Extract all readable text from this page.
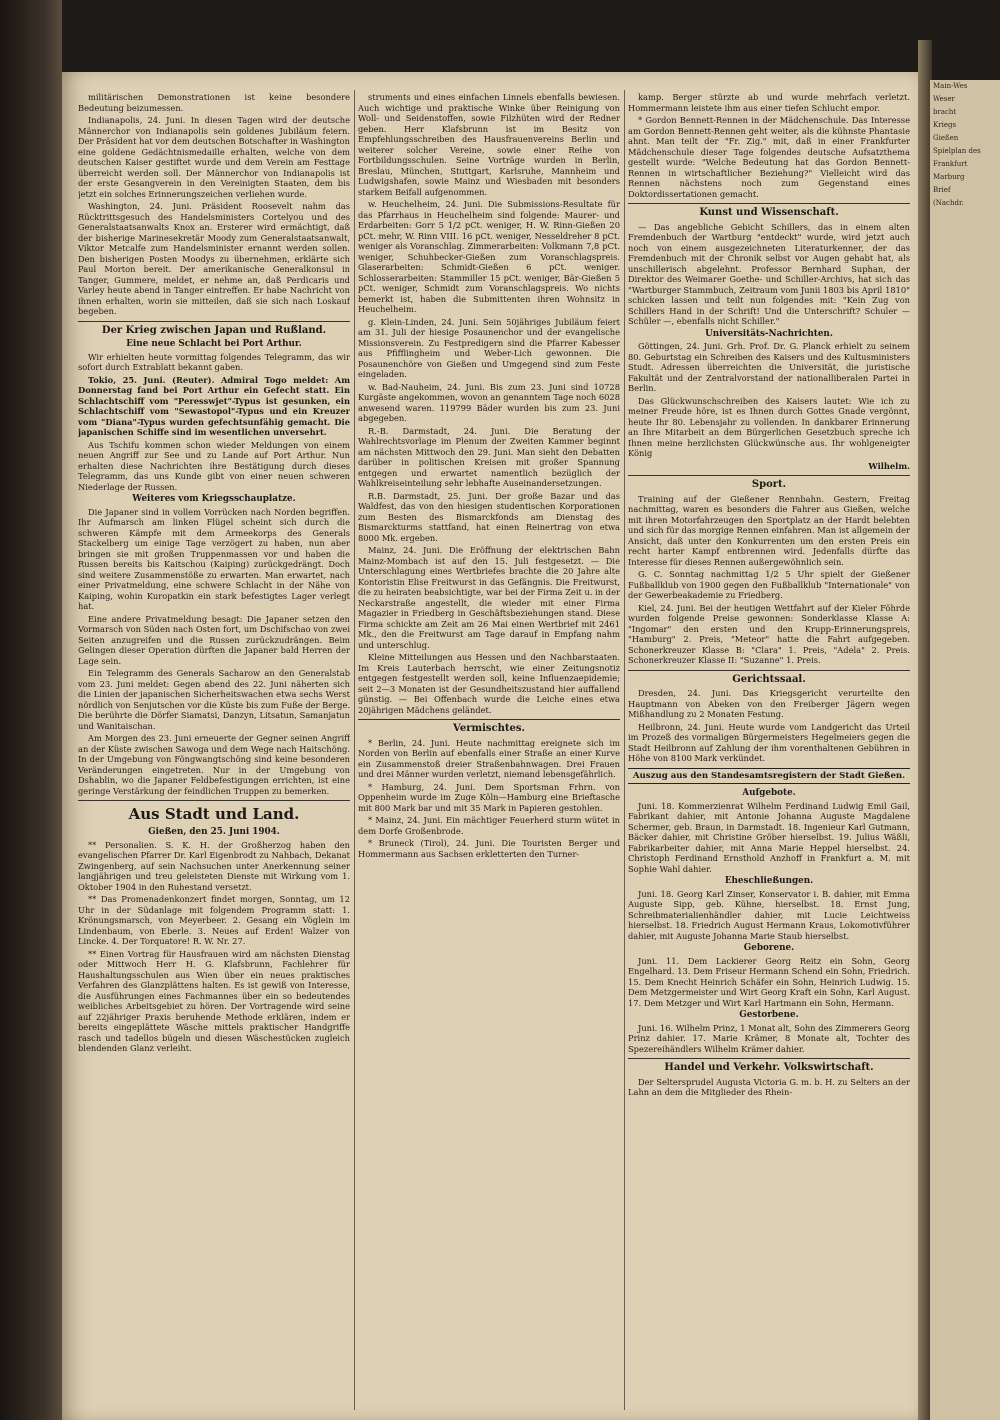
Main-Wes
Weser
bracht
Kriegs
Gießen
Spielplan des
Frankfurt
Marburg
Brief
(Nachdr.

militärischen Demonstrationen ist keine besondere Bedeutung beizumessen.

Indianapolis, 24. Juni. In diesen Tagen wird der deutsche Männerchor von Indianapolis sein goldenes Jubiläum feiern. Der Präsident hat vor dem deutschen Botschafter in Washington eine goldene Gedächtnismedaille erhalten, welche von dem deutschen Kaiser gestiftet wurde und dem Verein am Festtage überreicht werden soll. Der Männerchor von Indianapolis ist der erste Gesangverein in den Vereinigten Staaten, dem bis jetzt ein solches Erinnerungszeichen verliehen wurde.

Washington, 24. Juni. Präsident Roosevelt nahm das Rücktrittsgesuch des Handelsministers Cortelyou und des Generalstaatsanwalts Knox an. Ersterer wird ermächtigt, daß der bisherige Marinesekretär Moody zum Generalstaatsanwalt, Viktor Metcalfe zum Handelsminister ernannt werden sollen. Den bisherigen Posten Moodys zu übernehmen, erklärte sich Paul Morton bereit. Der amerikanische Generalkonsul in Tanger, Gummere, meldet, er nehme an, daß Perdicaris und Varley heute abend in Tanger eintreffen. Er habe Nachricht von ihnen erhalten, worin sie mitteilen, daß sie sich nach Loskauf begeben.

Der Krieg zwischen Japan und Rußland.
Eine neue Schlacht bei Port Arthur.

Wir erhielten heute vormittag folgendes Telegramm, das wir sofort durch Extrablatt bekannt gaben.

Tokio, 25. Juni. (Reuter). Admiral Togo meldet: Am Donnerstag fand bei Port Arthur ein Gefecht statt. Ein Schlachtschiff vom "Peresswjet"-Typus ist gesunken, ein Schlachtschiff vom "Sewastopol"-Typus und ein Kreuzer vom "Diana"-Typus wurden gefechtsunfähig gemacht. Die japanischen Schiffe sind im wesentlichen unversehrt.

Aus Tschifu kommen schon wieder Meldungen von einem neuen Angriff zur See und zu Lande auf Port Arthur. Nun erhalten diese Nachrichten ihre Bestätigung durch dieses Telegramm, das uns Kunde gibt von einer neuen schweren Niederlage der Russen.

Weiteres vom Kriegsschauplatze.

Die Japaner sind in vollem Vorrücken nach Norden begriffen. Ihr Aufmarsch am linken Flügel scheint sich durch die schweren Kämpfe mit dem Armeekorps des Generals Stackelberg um einige Tage verzögert zu haben, nun aber bringen sie mit großen Truppenmassen vor und haben die Russen bereits bis Kaitschou (Kaiping) zurückgedrängt. Doch sind weitere Zusammenstöße zu erwarten. Man erwartet, nach einer Privatmeldung, eine schwere Schlacht in der Nähe von Kaiping, wohin Kuropatkin ein stark befestigtes Lager verlegt hat.

Eine andere Privatmeldung besagt: Die Japaner setzen den Vormarsch von Süden nach Osten fort, um Dschifschao von zwei Seiten anzugreifen und die Russen zurückzudrängen. Beim Gelingen dieser Operation dürften die Japaner bald Herren der Lage sein.

Ein Telegramm des Generals Sacharow an den Generalstab vom 23. Juni meldet: Gegen abend des 22. Juni näherten sich die Linien der japanischen Sicherheitswachen etwa sechs Werst nördlich von Senjutschen vor die Küste bis zum Fuße der Berge. Die berührte die Dörfer Siamatsi, Danzyn, Litsatun, Samanjatun und Wanitaischan.

Am Morgen des 23. Juni erneuerte der Gegner seinen Angriff an der Küste zwischen Sawoga und dem Wege nach Haitschöng. In der Umgebung von Föngwangtschöng sind keine besonderen Veränderungen eingetreten. Nur in der Umgebung von Dshablin, wo die Japaner Feldbefestigungen errichten, ist eine geringe Verstärkung der feindlichen Truppen zu bemerken.

Aus Stadt und Land.
Gießen, den 25. Juni 1904.

** Personalien. S. K. H. der Großherzog haben den evangelischen Pfarrer Dr. Karl Eigenbrodt zu Nahbach, Dekanat Zwingenberg, auf sein Nachsuchen unter Anerkennung seiner langjährigen und treu geleisteten Dienste mit Wirkung vom 1. Oktober 1904 in den Ruhestand versetzt.

** Das Promenadenkonzert findet morgen, Sonntag, um 12 Uhr in der Südanlage mit folgendem Programm statt: 1. Krönungsmarsch, von Meyerbeer. 2. Gesang ein Vöglein im Lindenbaum, von Eberle. 3. Neues auf Erden! Walzer von Lincke. 4. Der Torquatore! R. W. Nr. 27.

** Einen Vortrag für Hausfrauen wird am nächsten Dienstag oder Mittwoch Herr H. G. Klafsbrunn, Fachlehrer für Haushaltungsschulen aus Wien über ein neues praktisches Verfahren des Glanzplättens halten. Es ist gewiß von Interesse, die Ausführungen eines Fachmannes über ein so bedeutendes weibliches Arbeitsgebiet zu hören. Der Vortragende wird seine auf 22jähriger Praxis beruhende Methode erklären, indem er bereits eingeplättete Wäsche mittels praktischer Handgriffe rasch und tadellos bügeln und diesen Wäschestücken zugleich blendenden Glanz verleiht.

struments und eines einfachen Linnels ebenfalls bewiesen. Auch wichtige und praktische Winke über Reinigung von Woll- und Seidenstoffen, sowie Filzhüten wird der Redner geben. Herr Klafsbrunn ist im Besitz von Empfehlungsschreiben des Hausfrauenvereins Berlin und weiterer solcher Vereine, sowie einer Reihe von Fortbildungsschulen. Seine Vorträge wurden in Berlin, Breslau, München, Stuttgart, Karlsruhe, Mannheim und Ludwigshafen, sowie Mainz und Wiesbaden mit besonders starkem Beifall aufgenommen.

w. Heuchelheim, 24. Juni. Die Submissions-Resultate für das Pfarrhaus in Heuchelheim sind folgende: Maurer- und Erdarbeiten: Gorr 5 1/2 pCt. weniger, H. W. Rinn-Gießen 20 pCt. mehr, W. Rinn VIII. 16 pCt. weniger, Nesseldreher 8 pCt. weniger als Voranschlag. Zimmerarbeiten: Volkmann 7,8 pCt. weniger, Schuhbecker-Gießen zum Voranschlagspreis. Glaserarbeiten: Schmidt-Gießen 6 pCt. weniger. Schlosserarbeiten: Stammiller 15 pCt. weniger, Bär-Gießen 5 pCt. weniger, Schmidt zum Voranschlagspreis. Wo nichts bemerkt ist, haben die Submittenten ihren Wohnsitz in Heuchelheim.

g. Klein-Linden, 24. Juni. Sein 50jähriges Jubiläum feiert am 31. Juli der hiesige Posaunenchor und der evangelische Missionsverein. Zu Festpredigern sind die Pfarrer Kabesser aus Pfifflingheim und Weber-Lich gewonnen. Die Posaunenchöre von Gießen und Umgegend sind zum Feste eingeladen.

w. Bad-Nauheim, 24. Juni. Bis zum 23. Juni sind 10728 Kurgäste angekommen, wovon an genanntem Tage noch 6028 anwesend waren. 119799 Bäder wurden bis zum 23. Juni abgegeben.

R.-B. Darmstadt, 24. Juni. Die Beratung der Wahlrechtsvorlage im Plenum der Zweiten Kammer beginnt am nächsten Mittwoch den 29. Juni. Man sieht den Debatten darüber in politischen Kreisen mit großer Spannung entgegen und erwartet namentlich bezüglich der Wahlkreiseinteilung sehr lebhafte Auseinandersetzungen.

R.B. Darmstadt, 25. Juni. Der große Bazar und das Waldfest, das von den hiesigen studentischen Korporationen zum Besten des Bismarckfonds am Dienstag des Bismarckturms stattfand, hat einen Reinertrag von etwa 8000 Mk. ergeben.

Mainz, 24. Juni. Die Eröffnung der elektrischen Bahn Mainz-Mombach ist auf den 15. Juli festgesetzt. — Die Unterschlagung eines Wertbriefes brachte die 20 Jahre alte Kontoristin Elise Freitwurst in das Gefängnis. Die Freitwurst, die zu heiraten beabsichtigte, war bei der Firma Zeit u. in der Neckarstraße angestellt, die wieder mit einer Firma Magazier in Friedberg in Geschäftsbeziehungen stand. Diese Firma schickte am Zeit am 26 Mai einen Wertbrief mit 2461 Mk., den die Freitwurst am Tage darauf in Empfang nahm und unterschlug.

Kleine Mitteilungen aus Hessen und den Nachbarstaaten. Im Kreis Lauterbach herrscht, wie einer Zeitungsnotiz entgegen festgestellt werden soll, keine Influenzaepidemie; seit 2—3 Monaten ist der Gesundheitszustand hier auffallend günstig. — Bei Offenbach wurde die Leiche eines etwa 20jährigen Mädchens geländet.

Vermischtes.

* Berlin, 24. Juni. Heute nachmittag ereignete sich im Norden von Berlin auf ebenfalls einer Straße an einer Kurve ein Zusammenstoß dreier Straßenbahnwagen. Drei Frauen und drei Männer wurden verletzt, niemand lebensgefährlich.

* Hamburg, 24. Juni. Dem Sportsman Frhrn. von Oppenheim wurde im Zuge Köln—Hamburg eine Brieftasche mit 800 Mark bar und mit 35 Mark in Papieren gestohlen.

* Mainz, 24. Juni. Ein mächtiger Feuerherd sturm wütet in dem Dorfe Großenbrode.

* Bruneck (Tirol), 24. Juni. Die Touristen Berger und Hommermann aus Sachsen erkletterten den Turner-

kamp. Berger stürzte ab und wurde mehrfach verletzt. Hommermann leistete ihm aus einer tiefen Schlucht empor.

* Gordon Bennett-Rennen in der Mädchenschule. Das Interesse am Gordon Bennett-Rennen geht weiter, als die kühnste Phantasie ahnt. Man teilt der "Fr. Zig." mit, daß in einer Frankfurter Mädchenschule dieser Tage folgendes deutsche Aufsatzthema gestellt wurde: "Welche Bedeutung hat das Gordon Bennett-Rennen in wirtschaftlicher Beziehung?" Vielleicht wird das Rennen nächstens noch zum Gegenstand eines Doktordissertationen gemacht.

Kunst und Wissenschaft.

— Das angebliche Gebicht Schillers, das in einem alten Fremdenbuch der Wartburg "entdeckt" wurde, wird jetzt auch noch von einem ausgezeichneten Literaturkenner, der das Fremdenbuch mit der Chronik selbst vor Augen gehabt hat, als unschillerisch abgelehnt. Professor Bernhard Suphan, der Direktor des Weimarer Goethe- und Schiller-Archivs, hat sich das "Wartburger Stammbuch, Zeitraum vom Junii 1803 bis April 1810" schicken lassen und teilt nun folgendes mit: "Kein Zug von Schillers Hand in der Schrift! Und die Unterschrift? Schuler — Schüler —, ebenfalls nicht Schiller."

Universitäts-Nachrichten.

Göttingen, 24. Juni. Grh. Prof. Dr. G. Planck erhielt zu seinem 80. Geburtstag ein Schreiben des Kaisers und des Kultusministers Studt. Adressen überreichten die Universität, die juristische Fakultät und der Zentralvorstand der nationalliberalen Partei in Berlin.

Das Glückwunschschreiben des Kaisers lautet: Wie ich zu meiner Freude höre, ist es Ihnen durch Gottes Gnade vergönnt, heute Ihr 80. Lebensjahr zu vollenden. In dankbarer Erinnerung an Ihre Mitarbeit an dem Bürgerlichen Gesetzbuch spreche ich Ihnen meine herzlichsten Glückwünsche aus. Ihr wohlgeneigter König

Wilhelm.
Sport.

Training auf der Gießener Rennbahn. Gestern, Freitag nachmittag, waren es besonders die Fahrer aus Gießen, welche mit ihren Motorfahrzeugen den Sportplatz an der Hardt belebten und sich für das morgige Rennen einfahren. Man ist allgemein der Ansicht, daß unter den Konkurrenten um den ersten Preis ein recht harter Kampf entbrennen wird. Jedenfalls dürfte das Interesse für dieses Rennen außergewöhnlich sein.

G. C. Sonntag nachmittag 1/2 5 Uhr spielt der Gießener Fußballklub von 1900 gegen den Fußballklub "Internationale" von der Gewerbeakademie zu Friedberg.

Kiel, 24. Juni. Bei der heutigen Wettfahrt auf der Kieler Föhrde wurden folgende Preise gewonnen: Sonderklasse Klasse A: "Ingomar" den ersten und den Krupp-Erinnerungspreis, "Hamburg" 2. Preis, "Meteor" hatte die Fahrt aufgegeben. Schonerkreuzer Klasse B: "Clara" 1. Preis, "Adela" 2. Preis. Schonerkreuzer Klasse II: "Suzanne" 1. Preis.

Gerichtssaal.

Dresden, 24. Juni. Das Kriegsgericht verurteilte den Hauptmann von Abeken von den Freiberger Jägern wegen Mißhandlung zu 2 Monaten Festung.

Heilbronn, 24. Juni. Heute wurde vom Landgericht das Urteil im Prozeß des vormaligen Bürgermeisters Hegelmeiers gegen die Stadt Heilbronn auf Zahlung der ihm vorenthaltenen Gebühren in Höhe von 8100 Mark verkündet.

Auszug aus den Standesamtsregistern der Stadt Gießen.
Aufgebote.

Juni. 18. Kommerzienrat Wilhelm Ferdinand Ludwig Emil Gail, Fabrikant dahier, mit Antonie Johanna Auguste Magdalene Schermer, geb. Braun, in Darmstadt. 18. Ingenieur Karl Gutmann, Bäcker dahier, mit Christine Gröber hierselbst. 19. Julius Wäßli, Fabrikarbeiter dahier, mit Anna Marie Heppel hierselbst. 24. Christoph Ferdinand Ernsthold Anzhoff in Frankfurt a. M. mit Sophie Wahl dahier.

Eheschließungen.

Juni. 18. Georg Karl Zinser, Konservator i. B. dahier, mit Emma Auguste Sipp, geb. Kühne, hierselbst. 18. Ernst Jung, Schreibmaterialienhändler dahier, mit Lucie Leichtweiss hierselbst. 18. Friedrich August Hermann Kraus, Lokomotivführer dahier, mit Auguste Johanna Marie Staub hierselbst.

Geborene.

Juni. 11. Dem Lackierer Georg Reitz ein Sohn, Georg Engelhard. 13. Dem Friseur Hermann Schend ein Sohn, Friedrich. 15. Dem Knecht Heinrich Schäfer ein Sohn, Heinrich Ludwig. 15. Dem Metzgermeister und Wirt Georg Kraft ein Sohn, Karl August. 17. Dem Metzger und Wirt Karl Hartmann ein Sohn, Hermann.

Gestorbene.

Juni. 16. Wilhelm Prinz, 1 Monat alt, Sohn des Zimmerers Georg Prinz dahier. 17. Marie Krämer, 8 Monate alt, Tochter des Spezereihändlers Wilhelm Krämer dahier.

Handel und Verkehr. Volkswirtschaft.

Der Seltersprudel Augusta Victoria G. m. b. H. zu Selters an der Lahn an dem die Mitglieder des Rhein-
